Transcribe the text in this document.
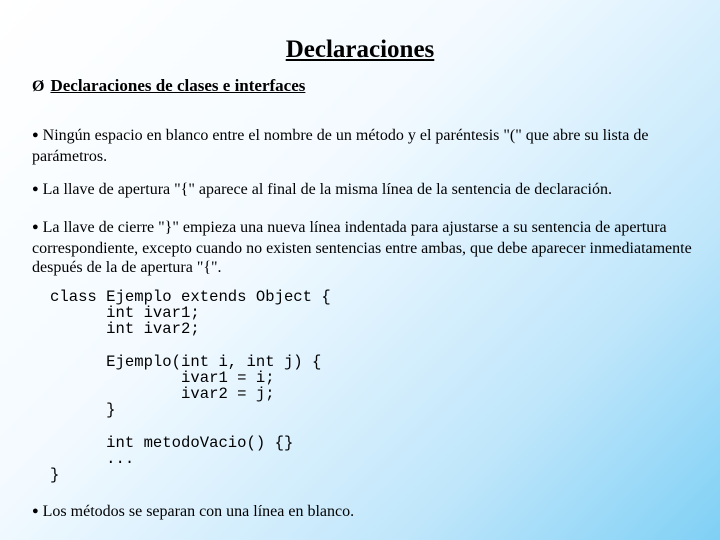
Declaraciones
Ø Declaraciones de clases e interfaces
● Ningún espacio en blanco entre el nombre de un método y el paréntesis "(" que abre su lista de parámetros.
● La llave de apertura "{" aparece al final de la misma línea de la sentencia de declaración.
● La llave de cierre "}" empieza una nueva línea indentada para ajustarse a su sentencia de apertura correspondiente, excepto cuando no existen sentencias entre ambas, que debe aparecer inmediatamente después de la de apertura "{".
class Ejemplo extends Object {
int ivar1;
int ivar2;

Ejemplo(int i, int j) {
ivar1 = i;
ivar2 = j;
}

int metodoVacio() {}
...
}
● Los métodos se separan con una línea en blanco.
